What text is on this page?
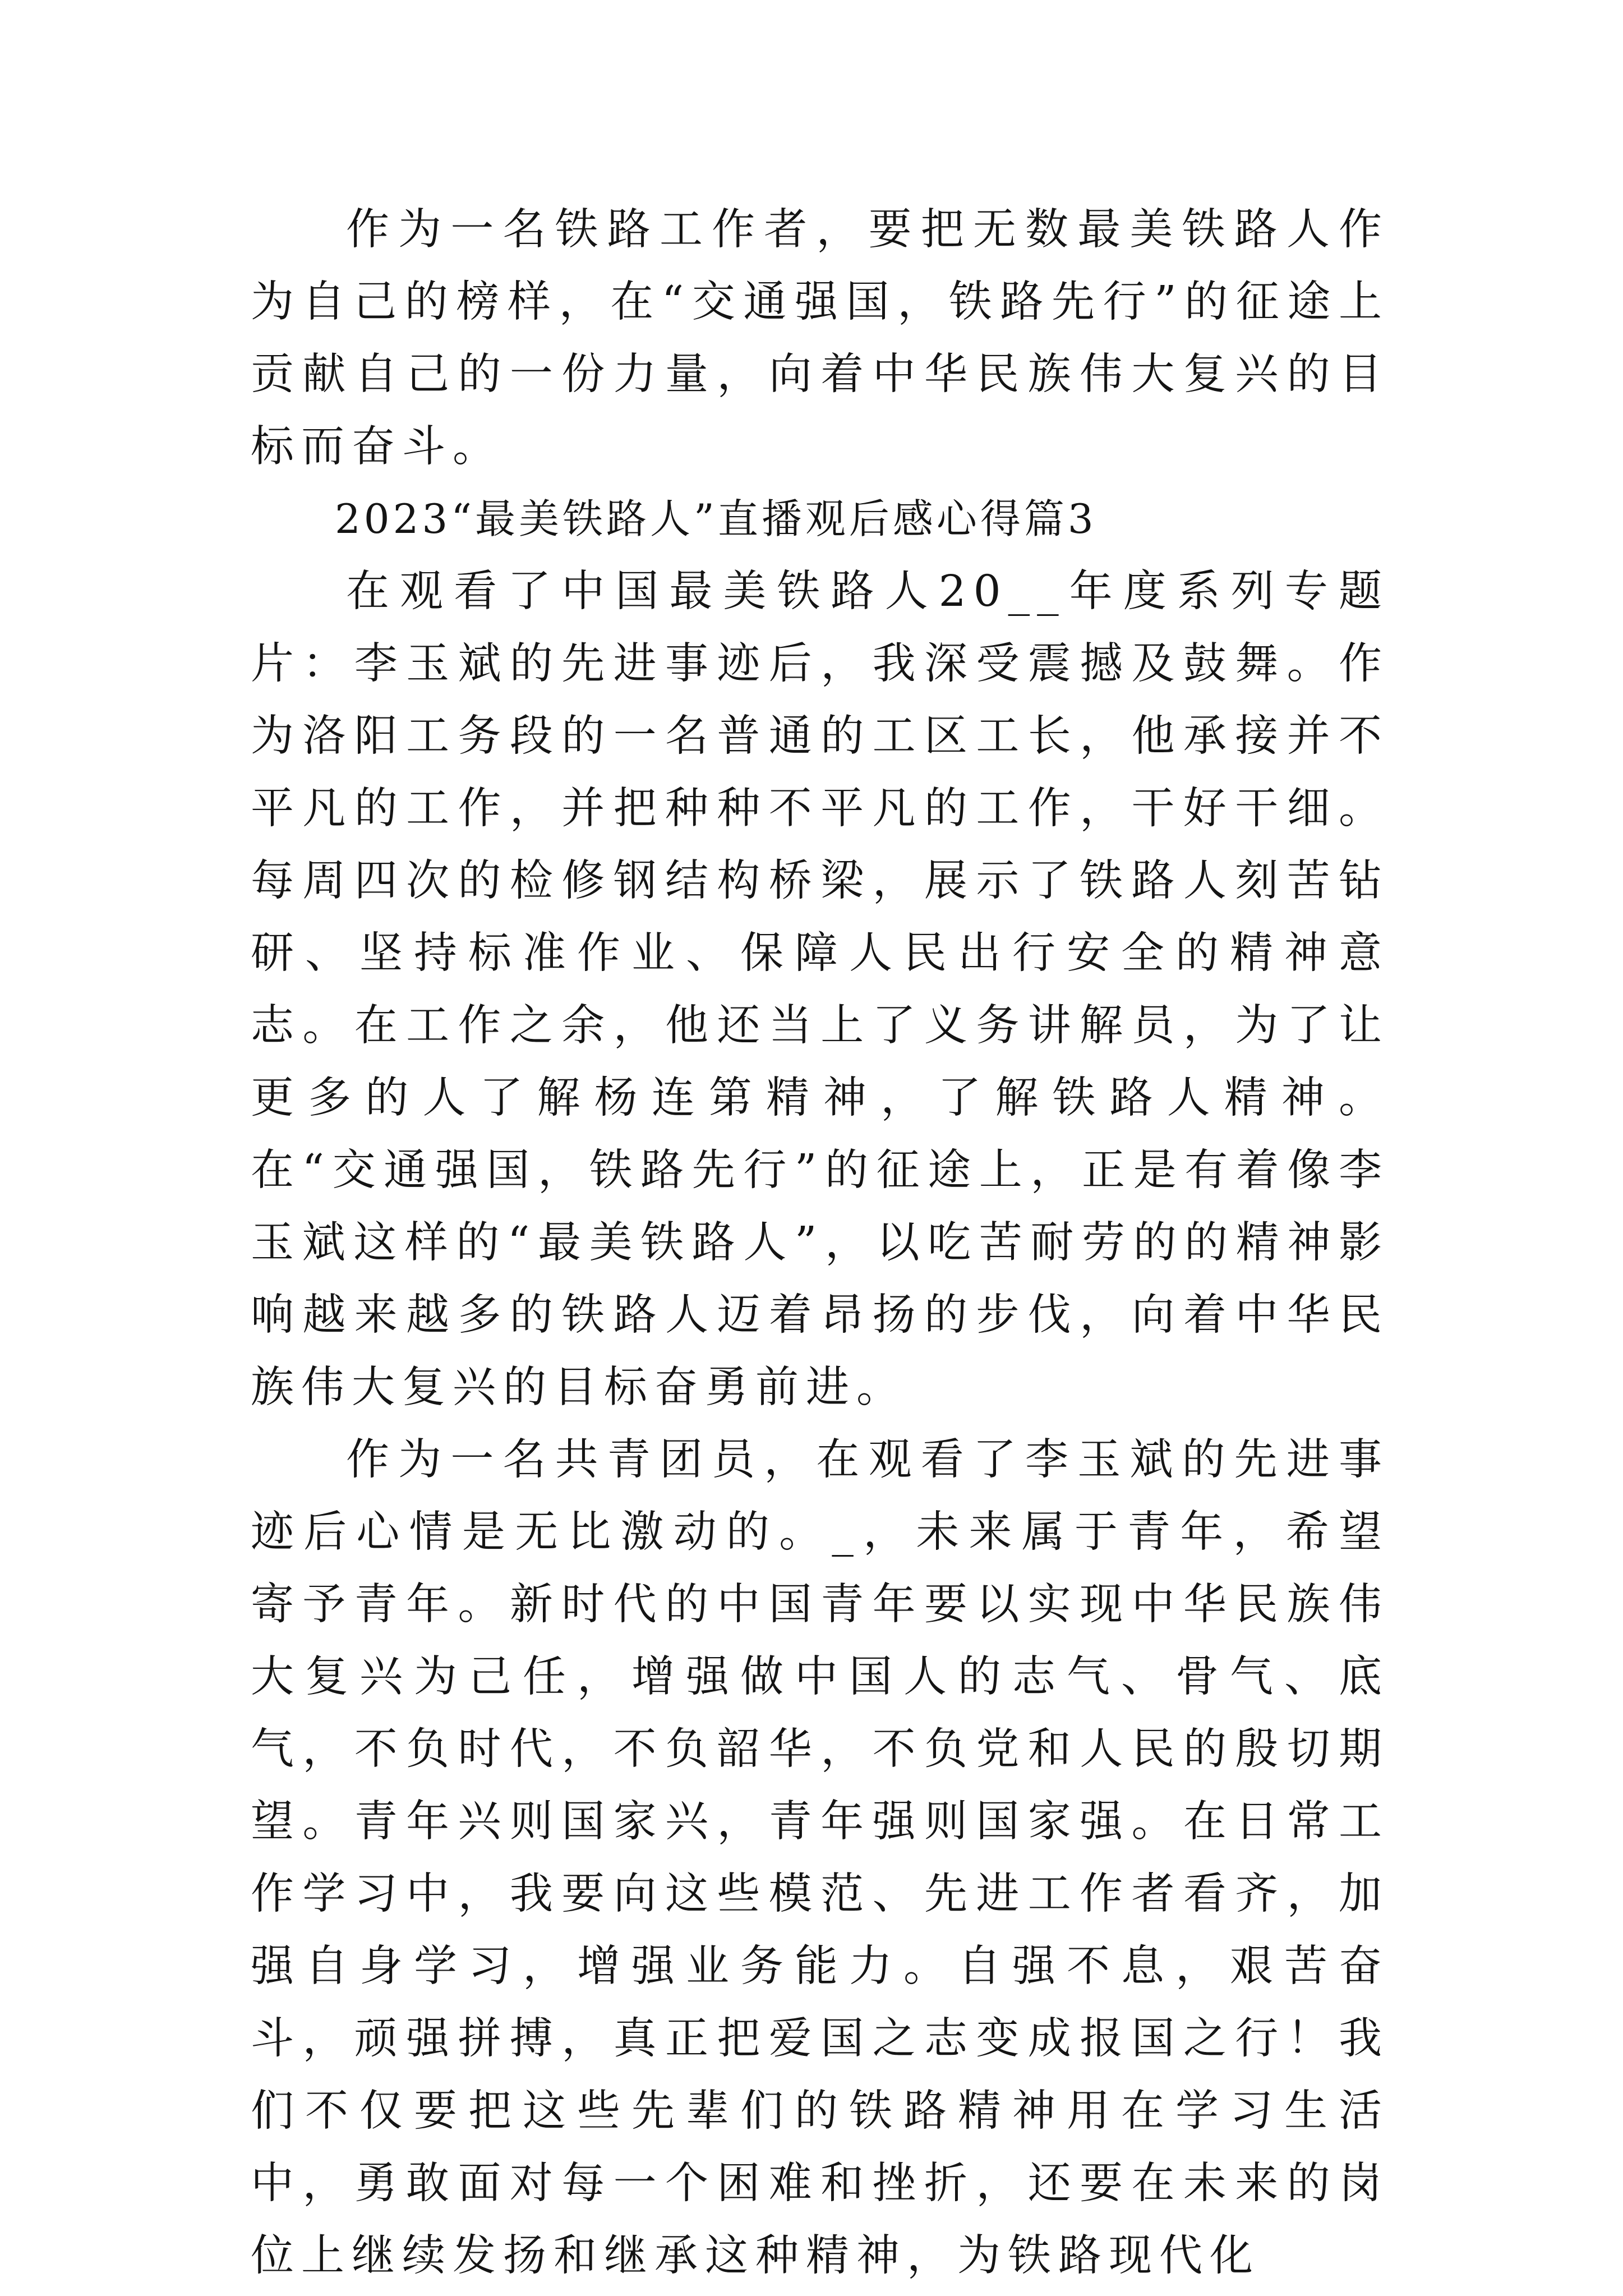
作为一名铁路工作者，要把无数最美铁路人作为自己的榜样，在“交通强国，铁路先行”的征途上贡献自己的一份力量，向着中华民族伟大复兴的目标而奋斗。

2023“最美铁路人”直播观后感心得篇3

在观看了中国最美铁路人20__年度系列专题片：李玉斌的先进事迹后，我深受震撼及鼓舞。作为洛阳工务段的一名普通的工区工长，他承接并不平凡的工作，并把种种不平凡的工作，干好干细。每周四次的检修钢结构桥梁，展示了铁路人刻苦钻研、坚持标准作业、保障人民出行安全的精神意志。在工作之余，他还当上了义务讲解员，为了让更多的人了解杨连第精神，了解铁路人精神。在“交通强国，铁路先行”的征途上，正是有着像李玉斌这样的“最美铁路人”，以吃苦耐劳的的精神影响越来越多的铁路人迈着昂扬的步伐，向着中华民族伟大复兴的目标奋勇前进。

作为一名共青团员，在观看了李玉斌的先进事迹后心情是无比激动的。_，未来属于青年，希望寄予青年。新时代的中国青年要以实现中华民族伟大复兴为己任，增强做中国人的志气、骨气、底气，不负时代，不负韶华，不负党和人民的殷切期望。青年兴则国家兴，青年强则国家强。在日常工作学习中，我要向这些模范、先进工作者看齐，加强自身学习，增强业务能力。自强不息，艰苦奋斗，顽强拼搏，真正把爱国之志变成报国之行！我们不仅要把这些先辈们的铁路精神用在学习生活中，勇敢面对每一个困难和挫折，还要在未来的岗位上继续发扬和继承这种精神，为铁路现代化
